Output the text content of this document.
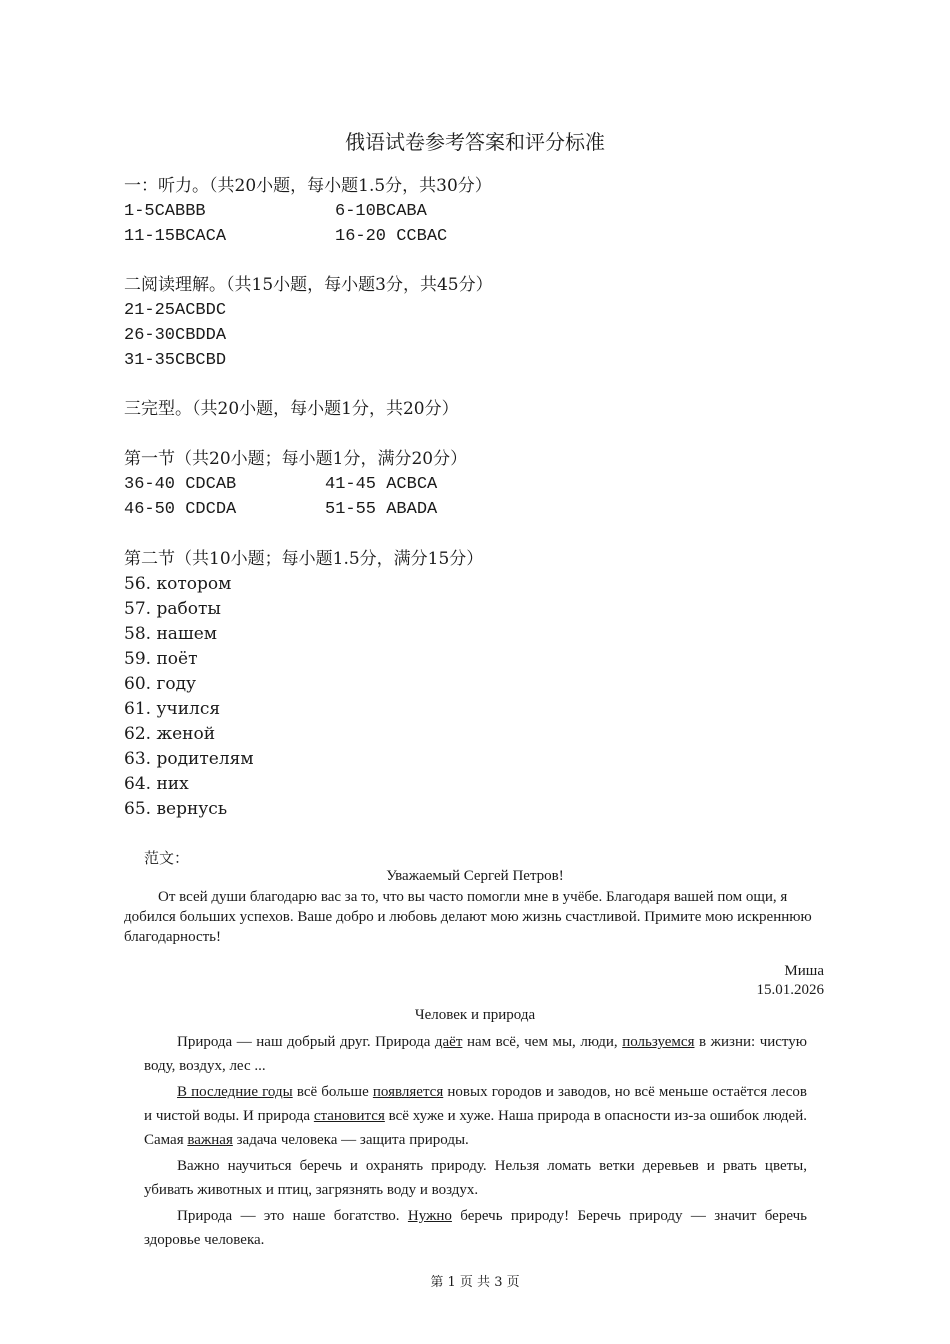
俄语试卷参考答案和评分标准
一：听力。（共20小题，每小题1.5分，共30分）
1-5CABBB	6-10BCABA
11-15BCACA	16-20 CCBAC
二阅读理解。（共15小题，每小题3分，共45分）
21-25ACBDC
26-30CBDDA
31-35CBCBD
三完型。（共20小题，每小题1分，共20分）
第一节（共20小题；每小题1分，满分20分）
36-40 CDCAB	41-45 ACBCA
46-50 CDCDA	51-55 ABADA
第二节（共10小题；每小题1.5分，满分15分）
56. котором
57. работы
58. нашем
59. поёт
60. году
61. учился
62. женой
63. родителям
64. них
65. вернусь
范文：
Уважаемый Сергей Петров!
От всей души благодарю вас за то, что вы часто помогли мне в учёбе. Благодаря вашей пом ощи, я добился больших успехов. Ваше добро и любовь делают мою жизнь счастливой. Примите мою искреннюю благодарность!
Миша
15.01.2026
Человек и природа
Природа — наш добрый друг. Природа даёт нам всё, чем мы, люди, пользуемся в жизни: чистую воду, воздух, лес ...
В последние годы всё больше появляется новых городов и заводов, но всё меньше остаётся лесов и чистой воды. И природа становится всё хуже и хуже. Наша природа в опасности из-за ошибок людей. Самая важная задача человека — защита природы.
Важно научиться беречь и охранять природу. Нельзя ломать ветки деревьев и рвать цветы, убивать животных и птиц, загрязнять воду и воздух.
Природа — это наше богатство. Нужно беречь природу! Беречь природу — значит беречь здоровье человека.
第 1 页 共 3 页
